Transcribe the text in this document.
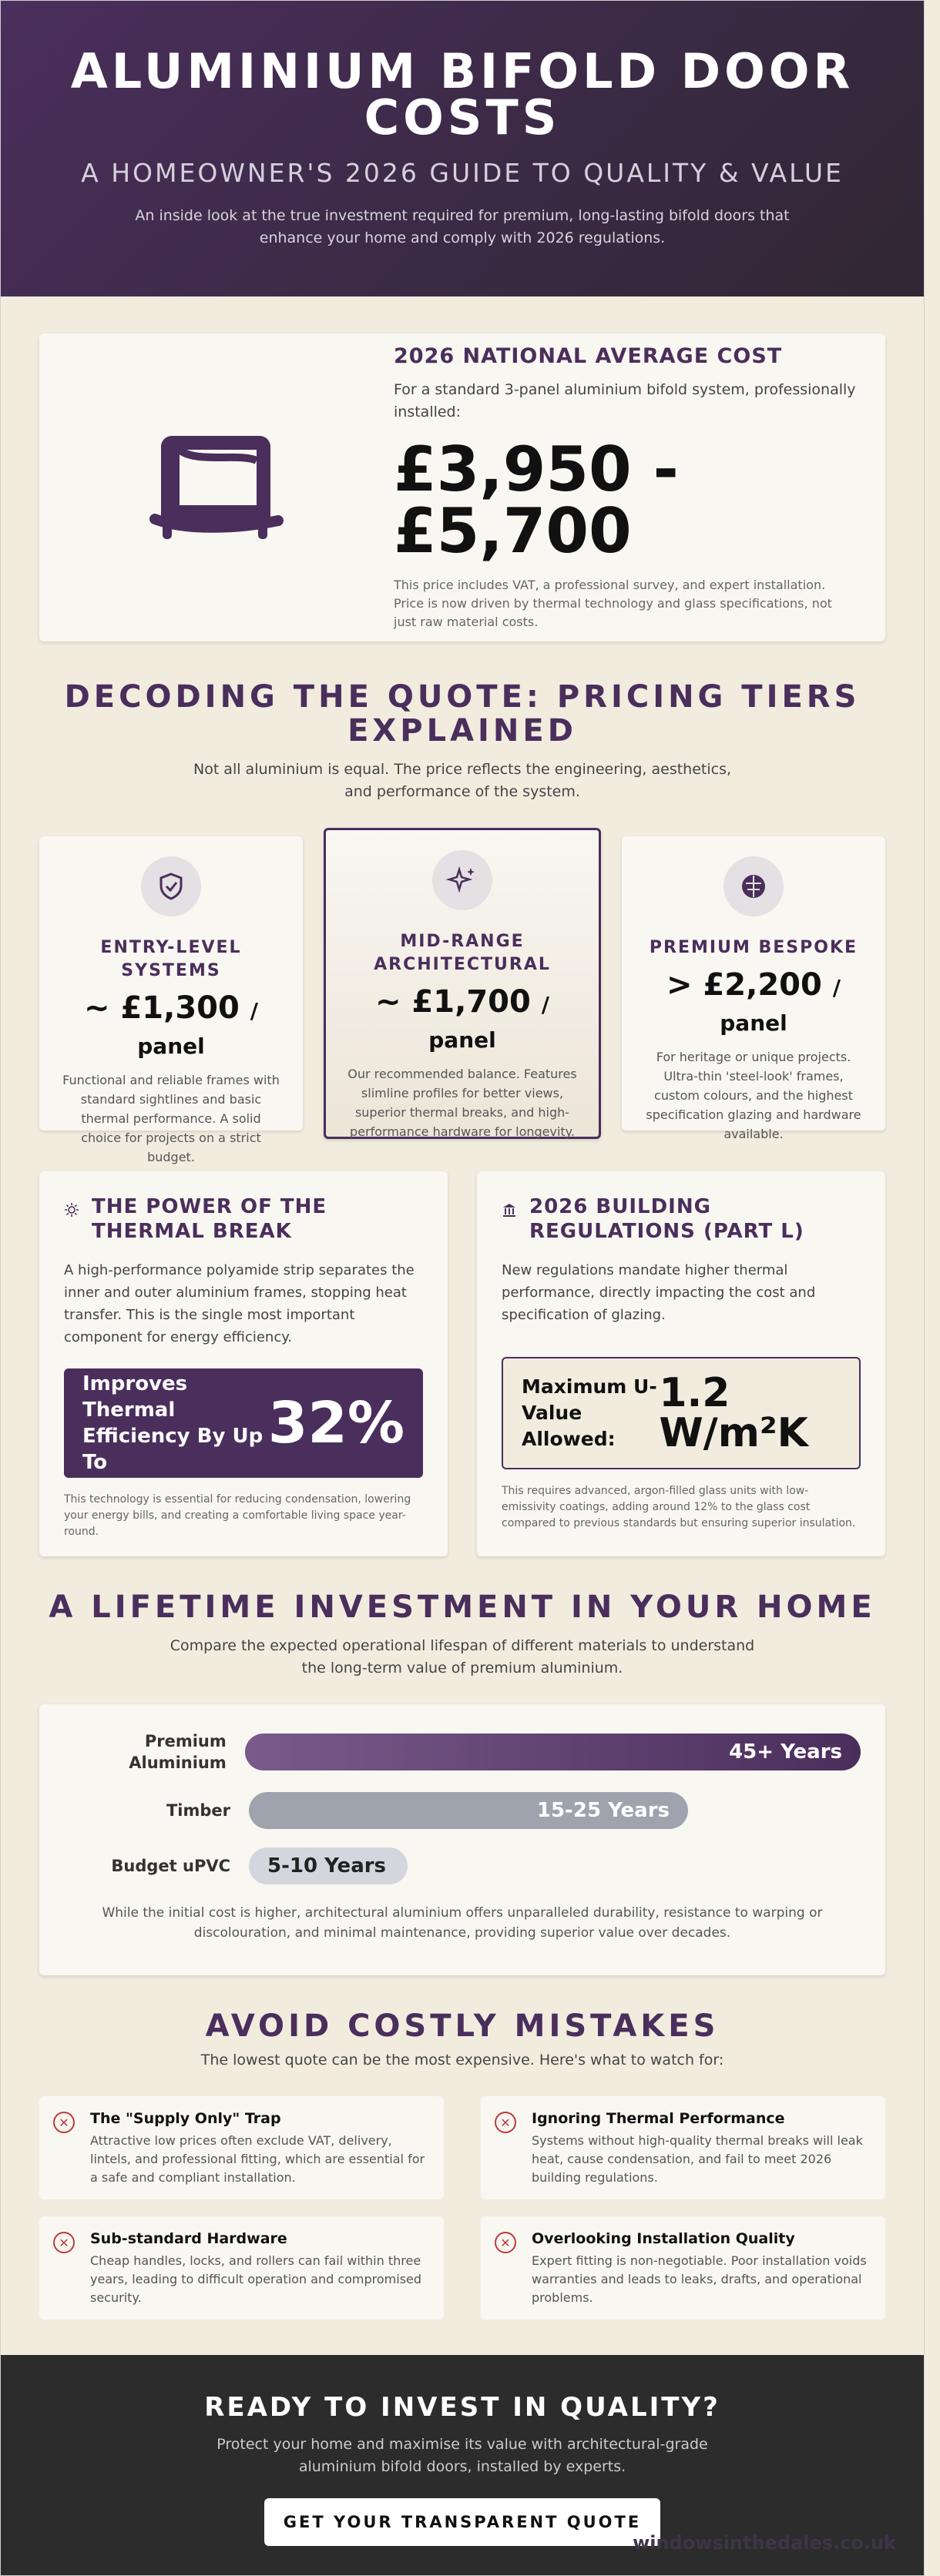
ALUMINIUM BIFOLD DOOR COSTS
A HOMEOWNER'S 2026 GUIDE TO QUALITY & VALUE

An inside look at the true investment required for premium, long-lasting bifold doors that enhance your home and comply with 2026 regulations.

2026 NATIONAL AVERAGE COST
For a standard 3-panel aluminium bifold system, professionally installed:
£3,950 - £5,700
This price includes VAT, a professional survey, and expert installation. Price is now driven by thermal technology and glass specifications, not just raw material costs.
DECODING THE QUOTE: PRICING TIERS EXPLAINED
Not all aluminium is equal. The price reflects the engineering, aesthetics, and performance of the system.
ENTRY-LEVEL SYSTEMS
~ £1,300 / panel

Functional and reliable frames with standard sightlines and basic thermal performance. A solid choice for projects on a strict budget.

MID-RANGE ARCHITECTURAL
~ £1,700 / panel

Our recommended balance. Features slimline profiles for better views, superior thermal breaks, and high-performance hardware for longevity.

PREMIUM BESPOKE
> £2,200 / panel

For heritage or unique projects. Ultra-thin 'steel-look' frames, custom colours, and the highest specification glazing and hardware available.

THE POWER OF THE THERMAL BREAK
A high-performance polyamide strip separates the inner and outer aluminium frames, stopping heat transfer. This is the single most important component for energy efficiency.
Improves Thermal Efficiency By Up To
32%
This technology is essential for reducing condensation, lowering your energy bills, and creating a comfortable living space year-round.
2026 BUILDING REGULATIONS (PART L)
New regulations mandate higher thermal performance, directly impacting the cost and specification of glazing.
Maximum U-Value Allowed:
1.2 W/m²K
This requires advanced, argon-filled glass units with low-emissivity coatings, adding around 12% to the glass cost compared to previous standards but ensuring superior insulation.
A LIFETIME INVESTMENT IN YOUR HOME
Compare the expected operational lifespan of different materials to understand the long-term value of premium aluminium.
Premium Aluminium	45+ Years
Timber	15-25 Years
Budget uPVC	5-10 Years
While the initial cost is higher, architectural aluminium offers unparalleled durability, resistance to warping or discolouration, and minimal maintenance, providing superior value over decades.
AVOID COSTLY MISTAKES
The lowest quote can be the most expensive. Here's what to watch for:
✕	The "Supply Only" Trap

Attractive low prices often exclude VAT, delivery, lintels, and professional fitting, which are essential for a safe and compliant installation.

✕	Ignoring Thermal Performance

Systems without high-quality thermal breaks will leak heat, cause condensation, and fail to meet 2026 building regulations.

✕	Sub-standard Hardware

Cheap handles, locks, and rollers can fail within three years, leading to difficult operation and compromised security.

✕	Overlooking Installation Quality

Expert fitting is non-negotiable. Poor installation voids warranties and leads to leaks, drafts, and operational problems.

READY TO INVEST IN QUALITY?

Protect your home and maximise its value with architectural-grade aluminium bifold doors, installed by experts.

GET YOUR TRANSPARENT QUOTE
windowsinthedales.co.uk
